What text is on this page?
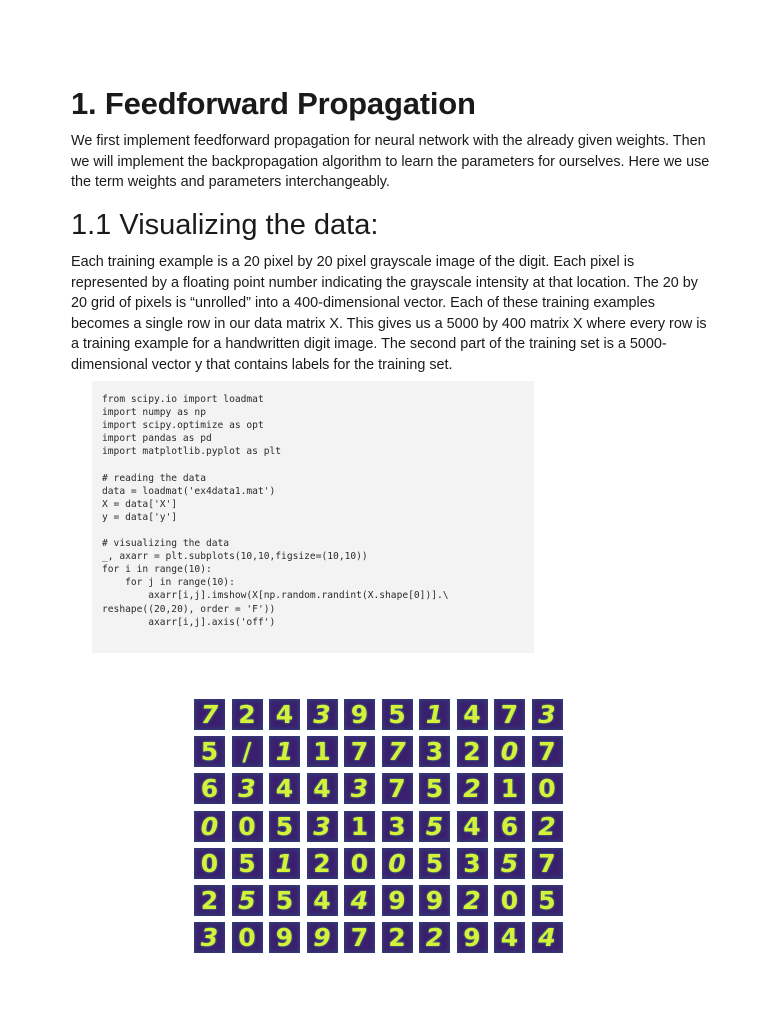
1. Feedforward Propagation

We first implement feedforward propagation for neural network with the already given weights. Then we will implement the backpropagation algorithm to learn the parameters for ourselves. Here we use the term weights and parameters interchangeably.

1.1 Visualizing the data:

Each training example is a 20 pixel by 20 pixel grayscale image of the digit. Each pixel is represented by a floating point number indicating the grayscale intensity at that location. The 20 by 20 grid of pixels is “unrolled” into a 400-dimensional vector. Each of these training examples becomes a single row in our data matrix X. This gives us a 5000 by 400 matrix X where every row is a training example for a handwritten digit image. The second part of the training set is a 5000-dimensional vector y that contains labels for the training set.

from scipy.io import loadmat
import numpy as np
import scipy.optimize as opt
import pandas as pd
import matplotlib.pyplot as plt

# reading the data
data = loadmat('ex4data1.mat')
X = data['X']
y = data['y']

# visualizing the data
_, axarr = plt.subplots(10,10,figsize=(10,10))
for i in range(10):
for j in range(10):
axarr[i,j].imshow(X[np.random.randint(X.shape[0])].\
reshape((20,20), order = 'F'))
axarr[i,j].axis('off')
7 2 4 3 9 5 1 4 7 3
5 / 1 1 7 7 3 2 0 7
6 3 4 4 3 7 5 2 1 0
0 0 5 3 1 3 5 4 6 2
0 5 1 2 0 0 5 3 5 7
2 5 5 4 4 9 9 2 0 5
3 0 9 9 7 2 2 9 4 4
